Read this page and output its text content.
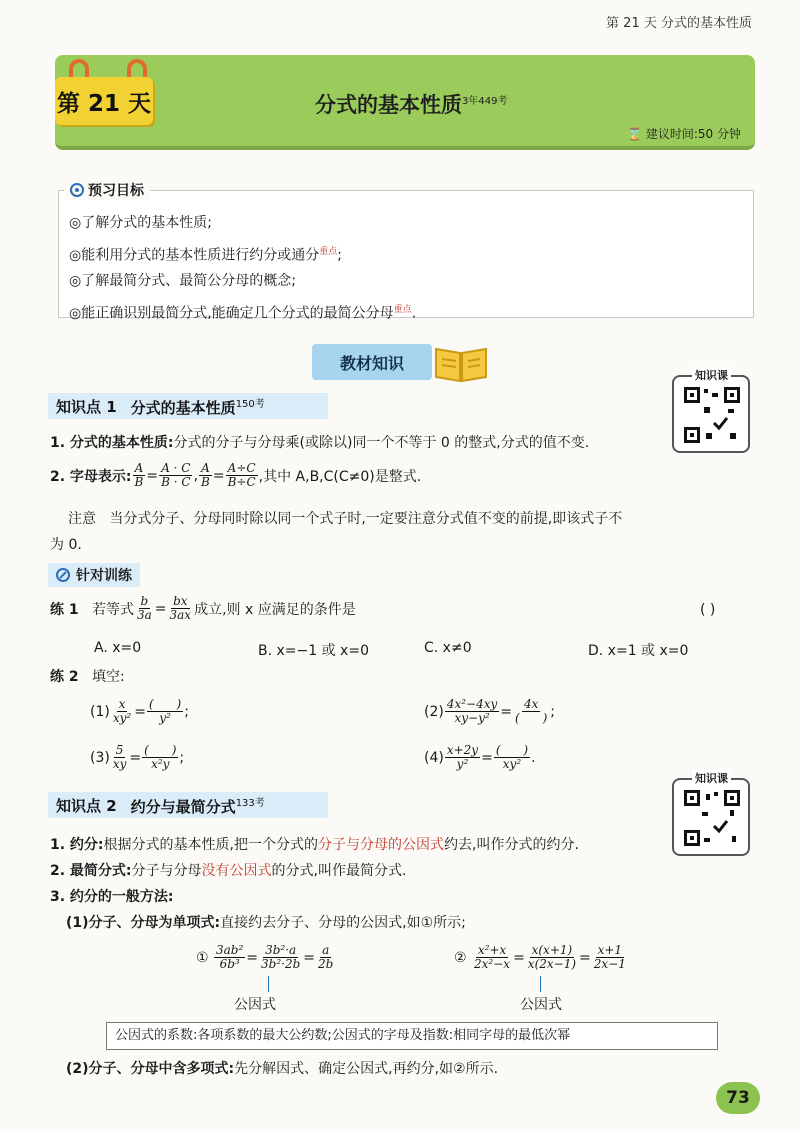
第 21 天 分式的基本性质
第 21 天	分式的基本性质$^{3年449考}$
⌛ 建议时间:50 分钟
◎了解分式的基本性质;
◎能利用分式的基本性质进行约分或通分$^{重点}$;
◎了解最简分式、最简公分母的概念;
◎能正确识别最简分式,能确定几个分式的最简公分母$^{重点}$.
预习目标
教材知识
知识点 1 分式的基本性质$^{150考}$
知识课
1. 分式的基本性质:分式的分子与分母乘(或除以)同一个不等于 0 的整式,分式的值不变.
2. 字母表示: $\frac{A}{B} = \frac{A \cdot C}{B \cdot C}$ , $\frac{A}{B} = \frac{A\div C}{B\div C}$ ,其中 A,B,C(C≠0)是整式.
注意 当分式分子、分母同时除以同一个式子时,一定要注意分式值不变的前提,即该式子不
为 0.
针对训练
练 1
若等式 $\frac{b}{3a} = \frac{bx}{3ax}$ 成立,则 x 应满足的条件是	( )
A. x=0	B. x=−1 或 x=0	C. x≠0	D. x=1 或 x=0
练 2 填空:
$(1) \frac{x}{\text{xy²}} = \frac{( )}{\text{y²}}$ ;	$(2) \frac{\text{4x²−4xy}}{\text{xy−y²}} = \frac{4x}{( )}$ ;
$(3) \frac{5}{xy} = \frac{( )}{\text{x²y}}$ ;	$(4) \frac{x+2y}{\text{y²}} = \frac{( )}{\text{xy²}}$ .
知识点 2 约分与最简分式$^{133考}$
知识课
1. 约分:根据分式的基本性质,把一个分式的分子与分母的公因式约去,叫作分式的约分.
2. 最简分式:分子与分母没有公因式的分式,叫作最简分式.
3. 约分的一般方法:
(1)分子、分母为单项式:直接约去分子、分母的公因式,如①所示;
① $\frac{\text{3ab²}}{\text{6b³}} = \frac{\text{3b²·a}}{\text{3b²·2b}} = \frac{a}{2b}$
公因式
② $\frac{\text{x²+x}}{\text{2x²−x}} = \frac{x(x+1)}{x(2x-1)} = \frac{x+1}{2x-1}$
公因式
公因式的系数:各项系数的最大公约数;公因式的字母及指数:相同字母的最低次幂
(2)分子、分母中含多项式:先分解因式、确定公因式,再约分,如②所示.
73
